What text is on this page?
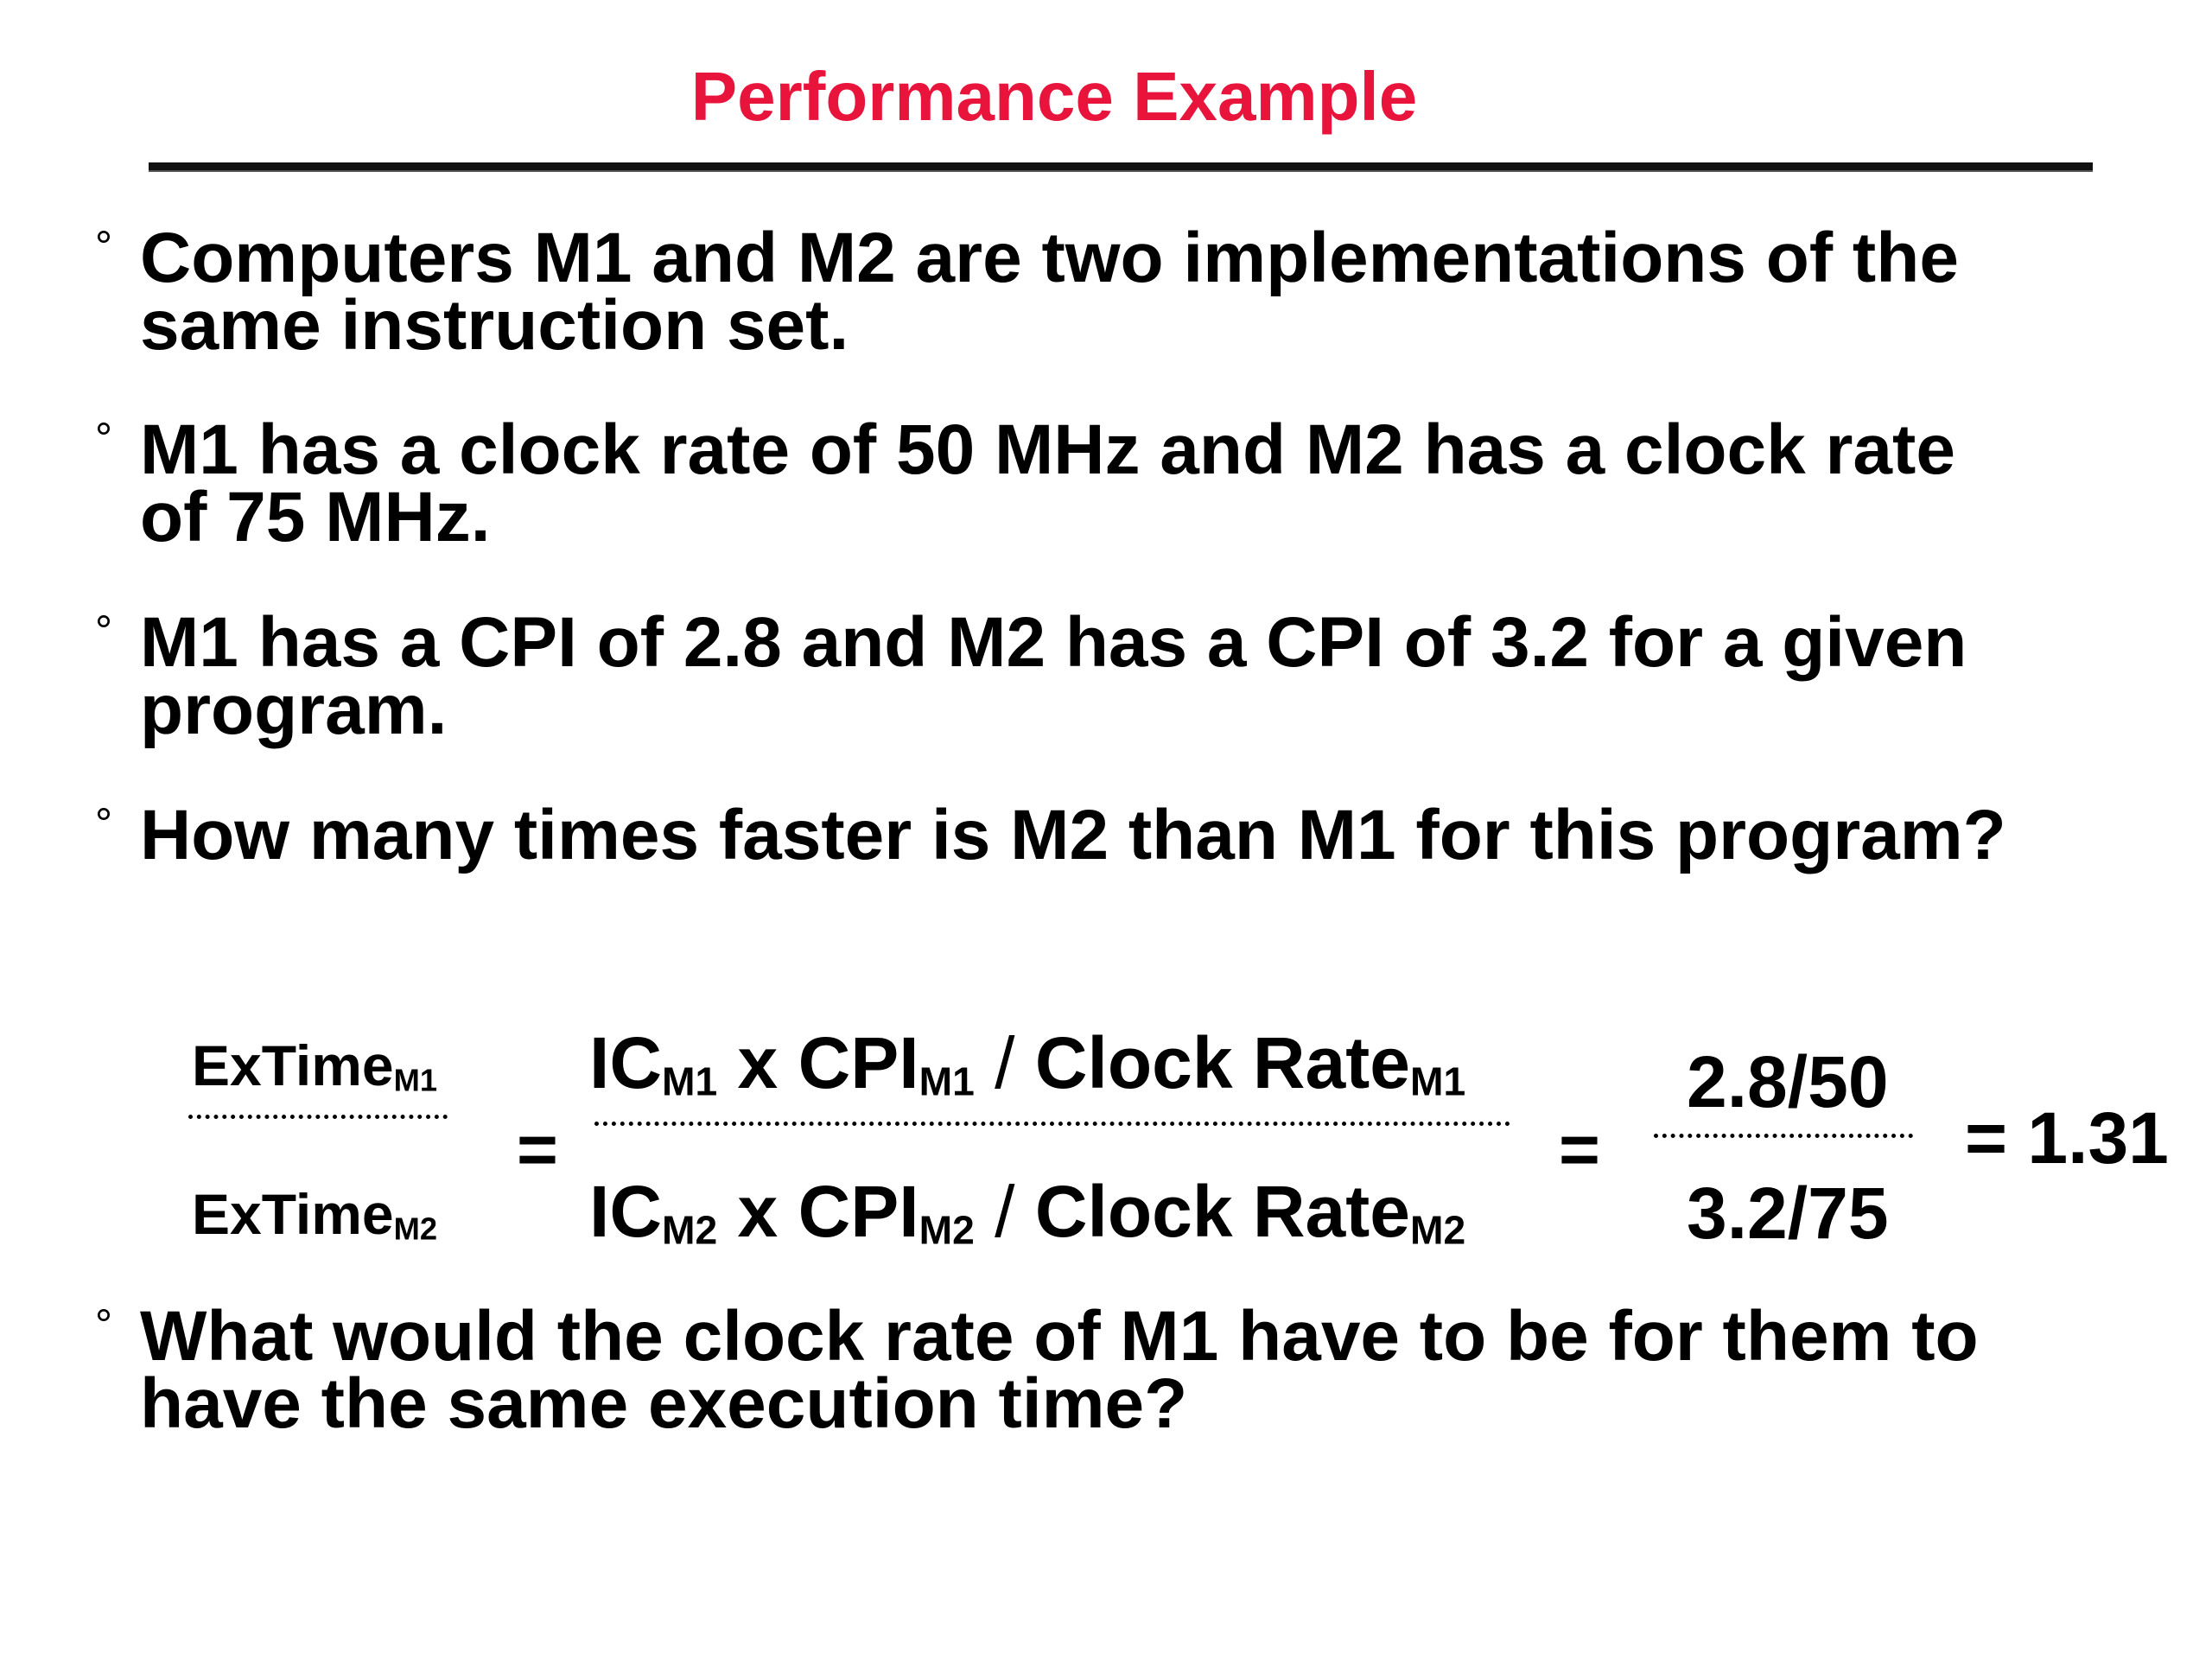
Performance Example
° Computers M1 and M2 are two implementations of the
same instruction set.
° M1 has a clock rate of 50 MHz and M2 has a clock rate
of 75 MHz.
° M1 has a CPI of 2.8 and M2 has a CPI of 3.2 for a given
program.
° How many times faster is M2 than M1 for this program?
ExTime$_{M1}$
ExTime$_{M2}$
=
$IC_{M1}$ x $CPI_{M1}$ / Clock Rate$_{M1}$
$IC_{M2}$ x $CPI_{M2}$ / Clock Rate$_{M2}$
=
2.8/50
3.2/75
= 1.31
° What would the clock rate of M1 have to be for them to
have the same execution time?
